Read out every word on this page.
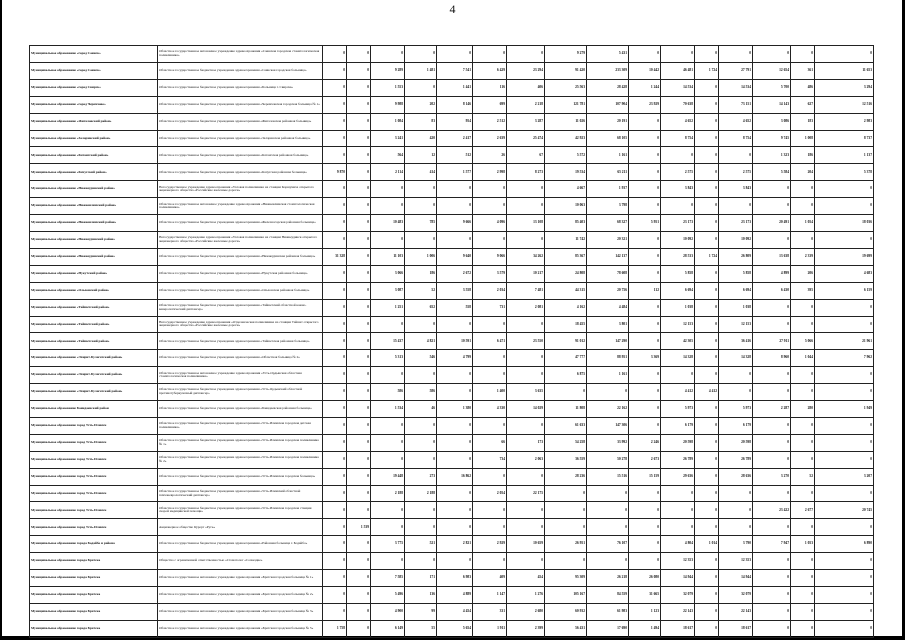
4
Муниципальное образование «город Саянск»	Областное государственное автономное учреждение здравоохранения «Саянская городская стоматологическая поликлиника»	0	0	0	0	0	0	0	9 279	5 431	0	0	0	0	0	0	0
Муниципальное образование «город Саянск»	Областное государственное бюджетное учреждение здравоохранения «Саянская городская больница»	0	0	9 289	1 481	7 541	6 429	23 294	91 420	233 309	10 442	46 481	1 724	27 791	12 654	361	11 653
Муниципальное образование «город Свирск»	Областное государственное бюджетное учреждение здравоохранения «Больница г. Свирска»	0	0	1 553	0	1 441	116	406	25 563	28 428	1 244	14 534	0	14 534	5 700	486	3 294
Муниципальное образование «город Черемхово»	Областное государственное бюджетное учреждение здравоохранения «Черемховская городская больница № 1»	0	0	9 988	202	8 146	699	2 218	121 781	107 904	23 929	70 638	0	73 151	14 143	627	12 516
Муниципальное образование «Жигаловский район»	Областное государственное бюджетное учреждение здравоохранения «Жигаловская районная больница»	0	0	1 084	83	954	2 512	3 287	11 026	20 191	0	4 652	0	4 652	3 086	183	2 983
Муниципальное образование «Заларинский район»	Областное государственное бюджетное учреждение здравоохранения «Заларинская районная больница»	0	0	3 241	420	2 417	2 639	25 474	42 923	68 105	0	8 754	0	8 754	9 745	1 008	8 737
Муниципальное образование «Катангский район»	Областное государственное бюджетное учреждение здравоохранения «Катангская районная больница»	0	0	564	12	512	26	67	5 572	1 161	0	0	0	0	1 323	186	1 137
Муниципальное образование «Качугский район»	Областное государственное бюджетное учреждение здравоохранения «Качугская районная больница»	9 870	0	2 114	414	1 577	2 998	8 273	19 534	65 211	0	2 575	0	2 575	5 584	204	5 378
Муниципальное образование «Нижнеудинский район»	Негосударственное учреждение здравоохранения «Узловая поликлиника на станции Коршуниха открытого акционерного общества «Российские железные дороги»	0	0	0	0	0	0	0	4 667	1 937	0	3 843	0	3 843	0	0	0
Муниципальное образование «Нижнеилимский район»	Областное государственное автономное учреждение здравоохранения «Нижнеилимская стоматологическая поликлиника»	0	0	0	0	0	0	0	10 063	3 798	0	0	0	0	0	0	0
Муниципальное образование «Нижнеилимский район»	Областное государственное бюджетное учреждение здравоохранения «Железногорская районная больница»	0	0	10 483	785	9 666	4 096	13 108	85 403	68 327	5 951	23 173	0	23 173	20 491	1 054	18 036
Муниципальное образование «Нижнеудинский район»	Негосударственное учреждение здравоохранения «Узловая поликлиника на станции Нижнеудинск открытого акционерного общества «Российские железные дороги»	0	0	0	0	0	0	0	11 742	20 321	0	10 092	0	10 092	0	0	0
Муниципальное образование «Нижнеудинский район»	Областное государственное бюджетное учреждение здравоохранения «Нижнеудинская районная больница»	31 328	0	11 103	1 006	9 640	9 066	34 262	85 367	142 137	0	28 533	1 724	26 809	13 638	2 339	19 699
Муниципальное образование «Нукутский район»	Областное государственное бюджетное учреждение здравоохранения «Нукутская районная больница»	0	0	3 066	186	2 672	3 579	10 217	24 808	78 608	0	5 858	0	5 858	4 899	206	4 683
Муниципальное образование «Ольхонский район»	Областное государственное бюджетное учреждение здравоохранения «Ольхонская районная больница»	0	0	3 087	52	3 558	2 034	7 481	44 315	20 756	112	6 694	0	6 694	6 430	395	6 159
Муниципальное образование «Тайшетский район»	Областное государственное бюджетное учреждение здравоохранения «Тайшетский областной кожно-венерологический диспансер»	0	0	1 251	652	558	731	2 081	4 162	4 484	0	1 038	0	1 038	0	0	0
Муниципальное образование «Тайшетский район»	Негосударственное учреждение здравоохранения «Отделенческая поликлиника на станции Тайшет открытого акционерного общества «Российские железные дороги»	0	0	0	0	0	0	0	18 455	3 801	0	12 153	0	12 153	0	0	0
Муниципальное образование «Тайшетский район»	Областное государственное бюджетное учреждение здравоохранения «Тайшетская районная больница»	0	0	15 437	4 821	10 591	6 471	23 550	91 012	147 290	0	42 305	0	36 416	27 911	5 066	21 961
Муниципальное образование «Эхирит-Булагатский район»	Областное государственное бюджетное учреждение здравоохранения «Областная больница № 2»	0	0	5 313	546	4 799	0	0	47 777	88 951	3 369	14 328	0	14 328	8 960	1 044	7 962
Муниципальное образование «Эхирит-Булагатский район»	Областное государственное автономное учреждение здравоохранения «Усть-Ордынская областная стоматологическая поликлиника»	0	0	0	0	0	0	0	6 875	1 161	0	0	0	0	0	0	0
Муниципальное образование «Эхирит-Булагатский район»	Областное государственное бюджетное учреждение здравоохранения «Усть-Ордынский областной противотуберкулезный диспансер»	0	0	586	586	0	1 400	3 635	0	0	0	4 412	4 412	0	0	0	0
Муниципальное образование Баяндаевский район	Областное государственное бюджетное учреждение здравоохранения «Баяндаевская районная больница»	0	0	1 534	46	1 380	4 330	14 029	11 808	22 162	0	5 973	0	5 973	2 287	280	1 949
Муниципальное образование город Усть-Илимск	Областное государственное бюджетное учреждение здравоохранения «Усть-Илимская городская детская поликлиника»	0	0	0	0	0	0	0	61 633	147 306	0	6 179	0	6 179	0	0	0
Муниципальное образование город Усть-Илимск	Областное государственное бюджетное учреждение здравоохранения «Усть-Илимская городская поликлиника № 1»	0	0	0	0	0	66	173	54 258	33 992	2 246	20 598	0	20 598	0	0	0
Муниципальное образование город Усть-Илимск	Областное государственное бюджетное учреждение здравоохранения «Усть-Илимская городская поликлиника № 2»	0	0	0	0	0	734	2 063	36 559	50 278	2 673	26 789	0	26 789	0	0	0
Муниципальное образование город Усть-Илимск	Областное государственное бюджетное учреждение здравоохранения «Усть-Илимская городская больница»	0	0	19 448	273	16 862	0	0	28 236	15 516	15 159	29 636	0	28 636	3 270	52	3 207
Муниципальное образование город Усть-Илимск	Областное государственное бюджетное учреждение здравоохранения «Усть-Илимский областной психоневрологический диспансер»	0	0	2 188	2 188	0	2 054	22 175	0	0	0	0	0	0	0	0	0
Муниципальное образование город Усть-Илимск	Областное государственное бюджетное учреждение здравоохранения «Усть-Илимская городская станция скорой медицинской помощи»	0	0	0	0	0	0	0	0	0	0	0	0	0	23 422	2 677	20 745
Муниципальное образование город Усть-Илимск	Акционерное общество Курорт «Русь»	0	1 539	0	0	0	0	0	0	0	0	0	0	0	0	0	0
Муниципальное образование города Бодайбо и района	Областное государственное бюджетное учреждение здравоохранения «Районная больница г. Бодайбо»	0	0	3 775	521	2 821	2 929	10 659	26 951	76 107	0	4 804	1 014	3 790	7 947	1 053	6 890
Муниципальное образование города Братска	Общество с ограниченной ответственностью «Стоматолог «Созвездие»	0	0	0	0	0	0	0	0	0	0	12 353	0	12 353	0	0	0
Муниципальное образование города Братска	Областное государственное автономное учреждение здравоохранения «Братская городская больница № 1»	0	0	7 585	171	6 983	409	454	95 309	26 218	26 080	14 944	0	14 944	0	0	0
Муниципальное образование города Братска	Областное государственное автономное учреждение здравоохранения «Братская городская больница № 2»	0	0	5 496	136	4 889	1 147	1 276	105 167	84 559	31 665	32 079	0	32 079	0	0	0
Муниципальное образование города Братска	Областное государственное автономное учреждение здравоохранения «Братская городская больница № 3»	0	0	4 900	99	4 454	331	2 680	60 932	61 983	1 123	22 143	0	22 143	0	0	0
Муниципальное образование города Братска	Областное государственное автономное учреждение здравоохранения «Братская городская больница № 5»	1 758	0	6 149	55	5 654	1 911	2 399	56 431	17 690	1 494	18 617	0	18 617	0	0	0
